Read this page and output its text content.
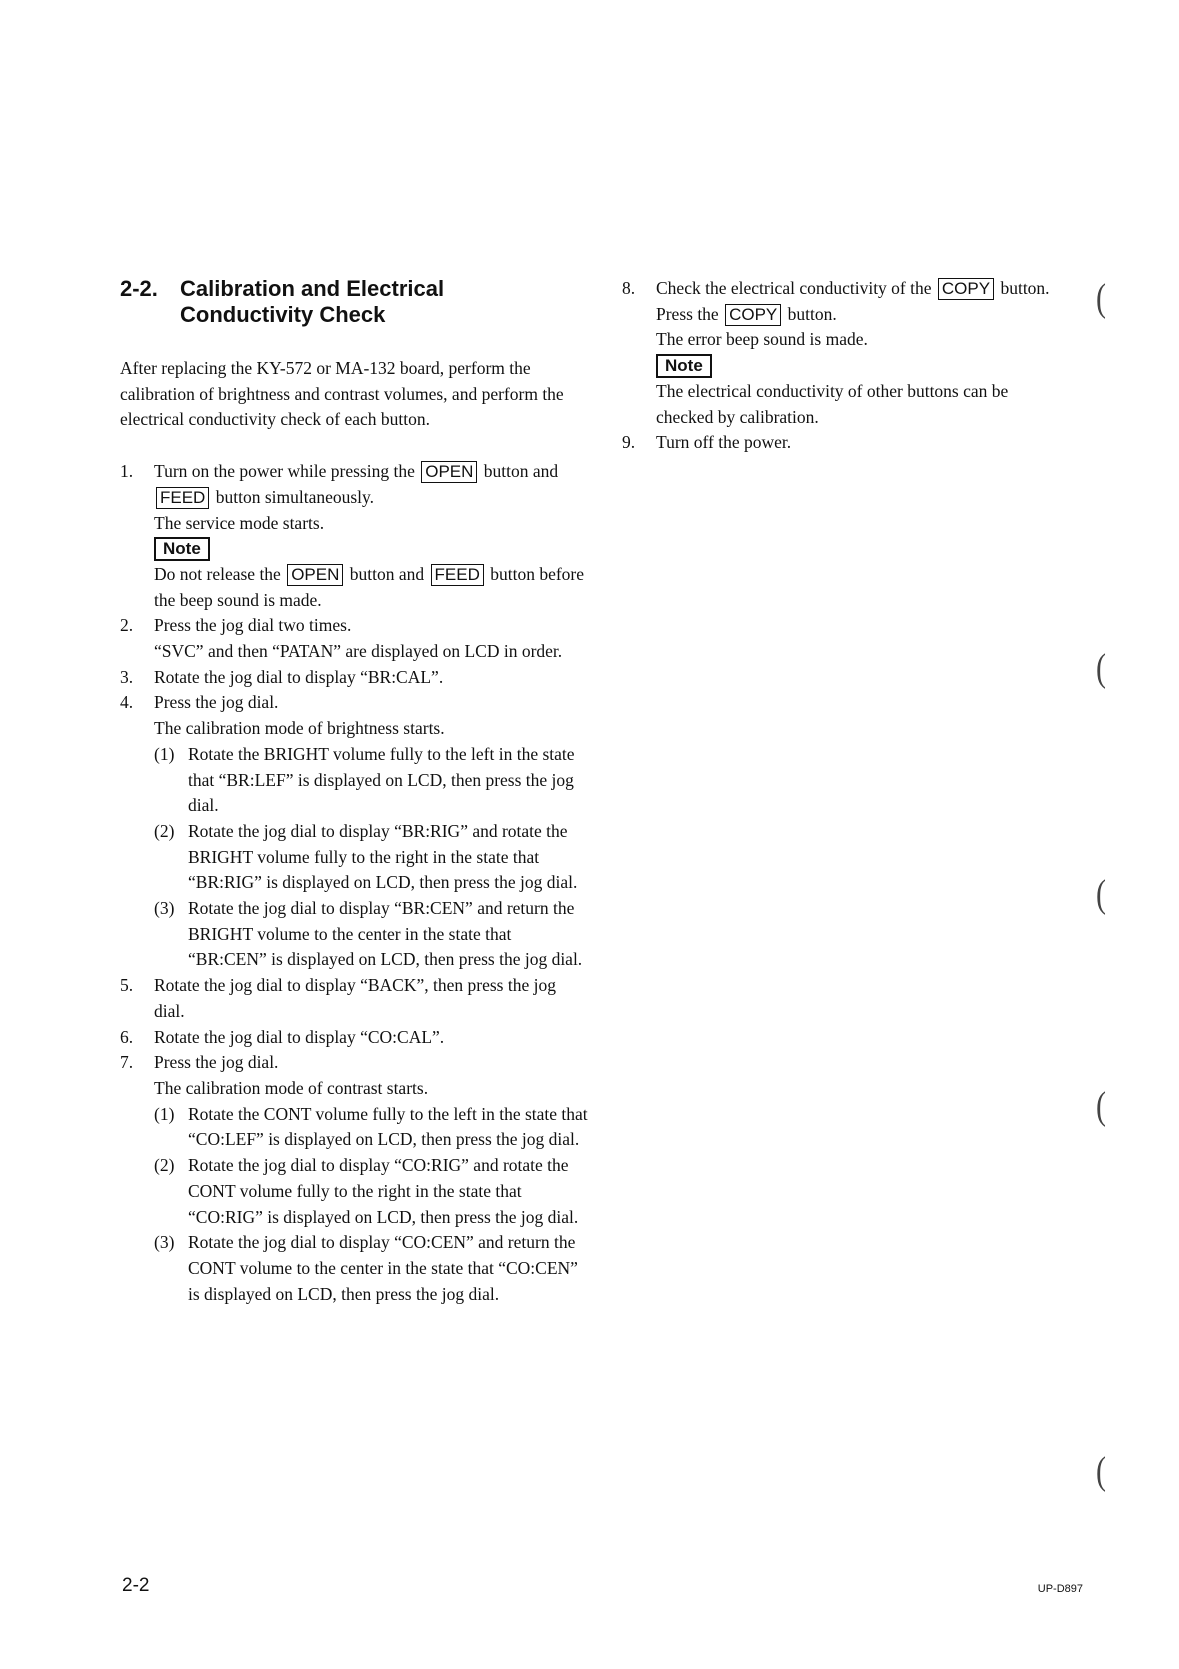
2-2.	Calibration and Electrical
Conductivity Check

After replacing the KY-572 or MA-132 board, perform the calibration of brightness and contrast volumes, and perform the electrical conductivity check of each button.

1.	Turn on the power while pressing the OPEN button and FEED button simultaneously.
The service mode starts.
Note
Do not release the OPEN button and FEED button before the beep sound is made.
2.	Press the jog dial two times.
“SVC” and then “PATAN” are displayed on LCD in order.
3.	Rotate the jog dial to display “BR:CAL”.
4.	Press the jog dial.
The calibration mode of brightness starts.
(1) Rotate the BRIGHT volume fully to the left in the state that “BR:LEF” is displayed on LCD, then press the jog dial.
(2) Rotate the jog dial to display “BR:RIG” and rotate the BRIGHT volume fully to the right in the state that “BR:RIG” is displayed on LCD, then press the jog dial.
(3) Rotate the jog dial to display “BR:CEN” and return the BRIGHT volume to the center in the state that “BR:CEN” is displayed on LCD, then press the jog dial.
5.	Rotate the jog dial to display “BACK”, then press the jog dial.
6.	Rotate the jog dial to display “CO:CAL”.
7.	Press the jog dial.
The calibration mode of contrast starts.
(1) Rotate the CONT volume fully to the left in the state that “CO:LEF” is displayed on LCD, then press the jog dial.
(2) Rotate the jog dial to display “CO:RIG” and rotate the CONT volume fully to the right in the state that “CO:RIG” is displayed on LCD, then press the jog dial.
(3) Rotate the jog dial to display “CO:CEN” and return the CONT volume to the center in the state that “CO:CEN” is displayed on LCD, then press the jog dial.
8.	Check the electrical conductivity of the COPY button.
Press the COPY button.
The error beep sound is made.
Note
The electrical conductivity of other buttons can be checked by calibration.
9.	Turn off the power.
(
(
(
(
(
2-2	UP-D897
